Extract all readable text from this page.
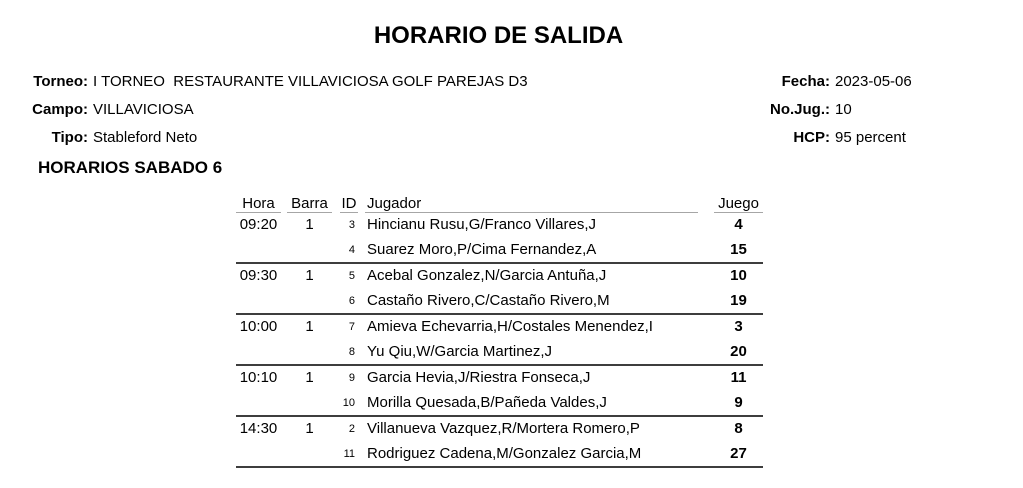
HORARIO DE SALIDA
Torneo: I TORNEO  RESTAURANTE VILLAVICIOSA GOLF PAREJAS D3
Campo: VILLAVICIOSA
Tipo: Stableford Neto
Fecha: 2023-05-06
No.Jug.: 10
HCP: 95 percent
HORARIOS SABADO 6
Hora	Barra ID Jugador	Juego
09:20	1	3 Hincianu Rusu,G/Franco Villares,J	4
4 Suarez Moro,P/Cima Fernandez,A	15
09:30	1	5 Acebal Gonzalez,N/Garcia Antuña,J	10
6 Castaño Rivero,C/Castaño Rivero,M	19
10:00	1	7 Amieva Echevarria,H/Costales Menendez,I	3
8 Yu Qiu,W/Garcia Martinez,J	20
10:10	1	9 Garcia Hevia,J/Riestra Fonseca,J	11
10 Morilla Quesada,B/Pañeda Valdes,J	9
14:30	1	2 Villanueva Vazquez,R/Mortera Romero,P	8
11 Rodriguez Cadena,M/Gonzalez Garcia,M	27
